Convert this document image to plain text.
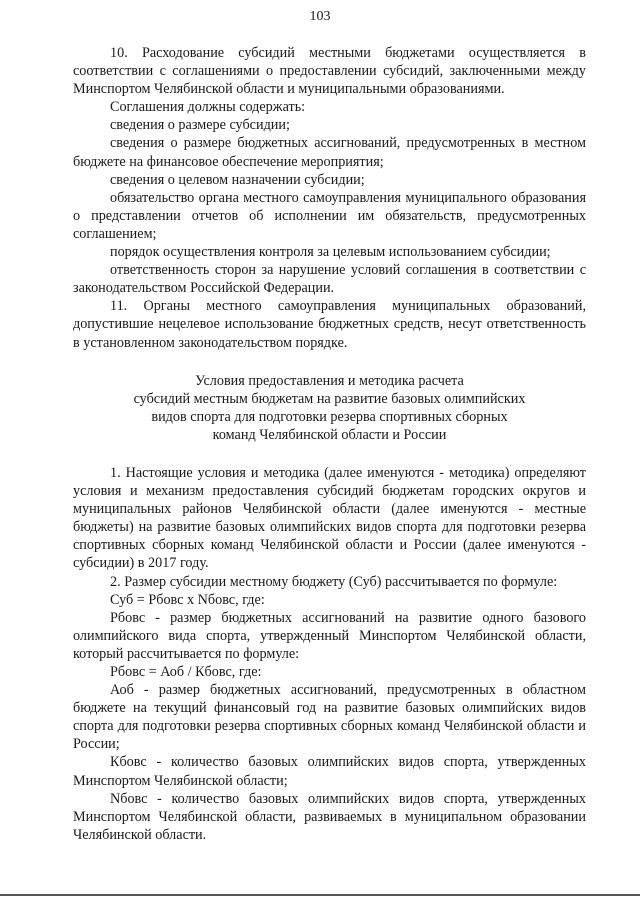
103

10. Расходование субсидий местными бюджетами осуществляется в соответствии с соглашениями о предоставлении субсидий, заключенными между Минспортом Челябинской области и муниципальными образованиями.

Соглашения должны содержать:

сведения о размере субсидии;

сведения о размере бюджетных ассигнований, предусмотренных в местном бюджете на финансовое обеспечение мероприятия;

сведения о целевом назначении субсидии;

обязательство органа местного самоуправления муниципального образования о представлении отчетов об исполнении им обязательств, предусмотренных соглашением;

порядок осуществления контроля за целевым использованием субсидии;

ответственность сторон за нарушение условий соглашения в соответствии с законодательством Российской Федерации.

11. Органы местного самоуправления муниципальных образований, допустившие нецелевое использование бюджетных средств, несут ответственность в установленном законодательством порядке.

Условия предоставления и методика расчета
субсидий местным бюджетам на развитие базовых олимпийских
видов спорта для подготовки резерва спортивных сборных
команд Челябинской области и России

1. Настоящие условия и методика (далее именуются - методика) определяют условия и механизм предоставления субсидий бюджетам городских округов и муниципальных районов Челябинской области (далее именуются - местные бюджеты) на развитие базовых олимпийских видов спорта для подготовки резерва спортивных сборных команд Челябинской области и России (далее именуются - субсидии) в 2017 году.

2. Размер субсидии местному бюджету (Суб) рассчитывается по формуле:

Суб = Рбовс х Nбовс, где:

Рбовс - размер бюджетных ассигнований на развитие одного базового олимпийского вида спорта, утвержденный Минспортом Челябинской области, который рассчитывается по формуле:

Рбовс = Аоб / Кбовс, где:

Аоб - размер бюджетных ассигнований, предусмотренных в областном бюджете на текущий финансовый год на развитие базовых олимпийских видов спорта для подготовки резерва спортивных сборных команд Челябинской области и России;

Кбовс - количество базовых олимпийских видов спорта, утвержденных Минспортом Челябинской области;

Nбовс - количество базовых олимпийских видов спорта, утвержденных Минспортом Челябинской области, развиваемых в муниципальном образовании Челябинской области.
